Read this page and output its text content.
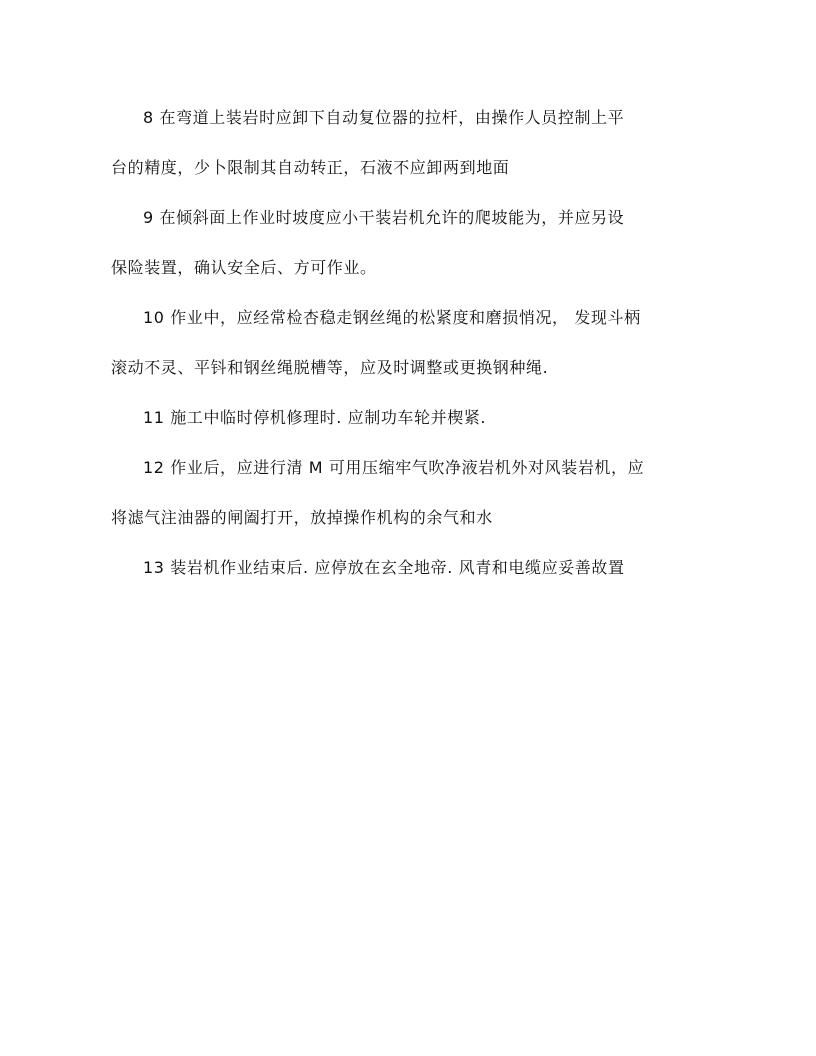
8 在弯道上装岩时应卸下自动复位器的拉杆，由操作人员控制上平
台的精度，少卜限制其自动转正，石液不应卸两到地面
9 在倾斜面上作业时坡度应小干装岩机允许的爬坡能为，并应另设
保险装置，确认安全后、方可作业。
10 作业中，应经常检杏稳走钢丝绳的松紧度和磨损悄况， 发现斗柄
滚动不灵、平钭和钢丝绳脱槽等，应及时调整或更换钢种绳.
11 施工中临时停机修理时. 应制功车轮并楔紧.
12 作业后，应进行清 M 可用压缩牢气吹净液岩机外对风装岩机，应
将滤气注油器的闸阖打开，放掉操作机构的余气和水
13 装岩机作业结束后. 应停放在玄全地帝. 风青和电缆应妥善故置
